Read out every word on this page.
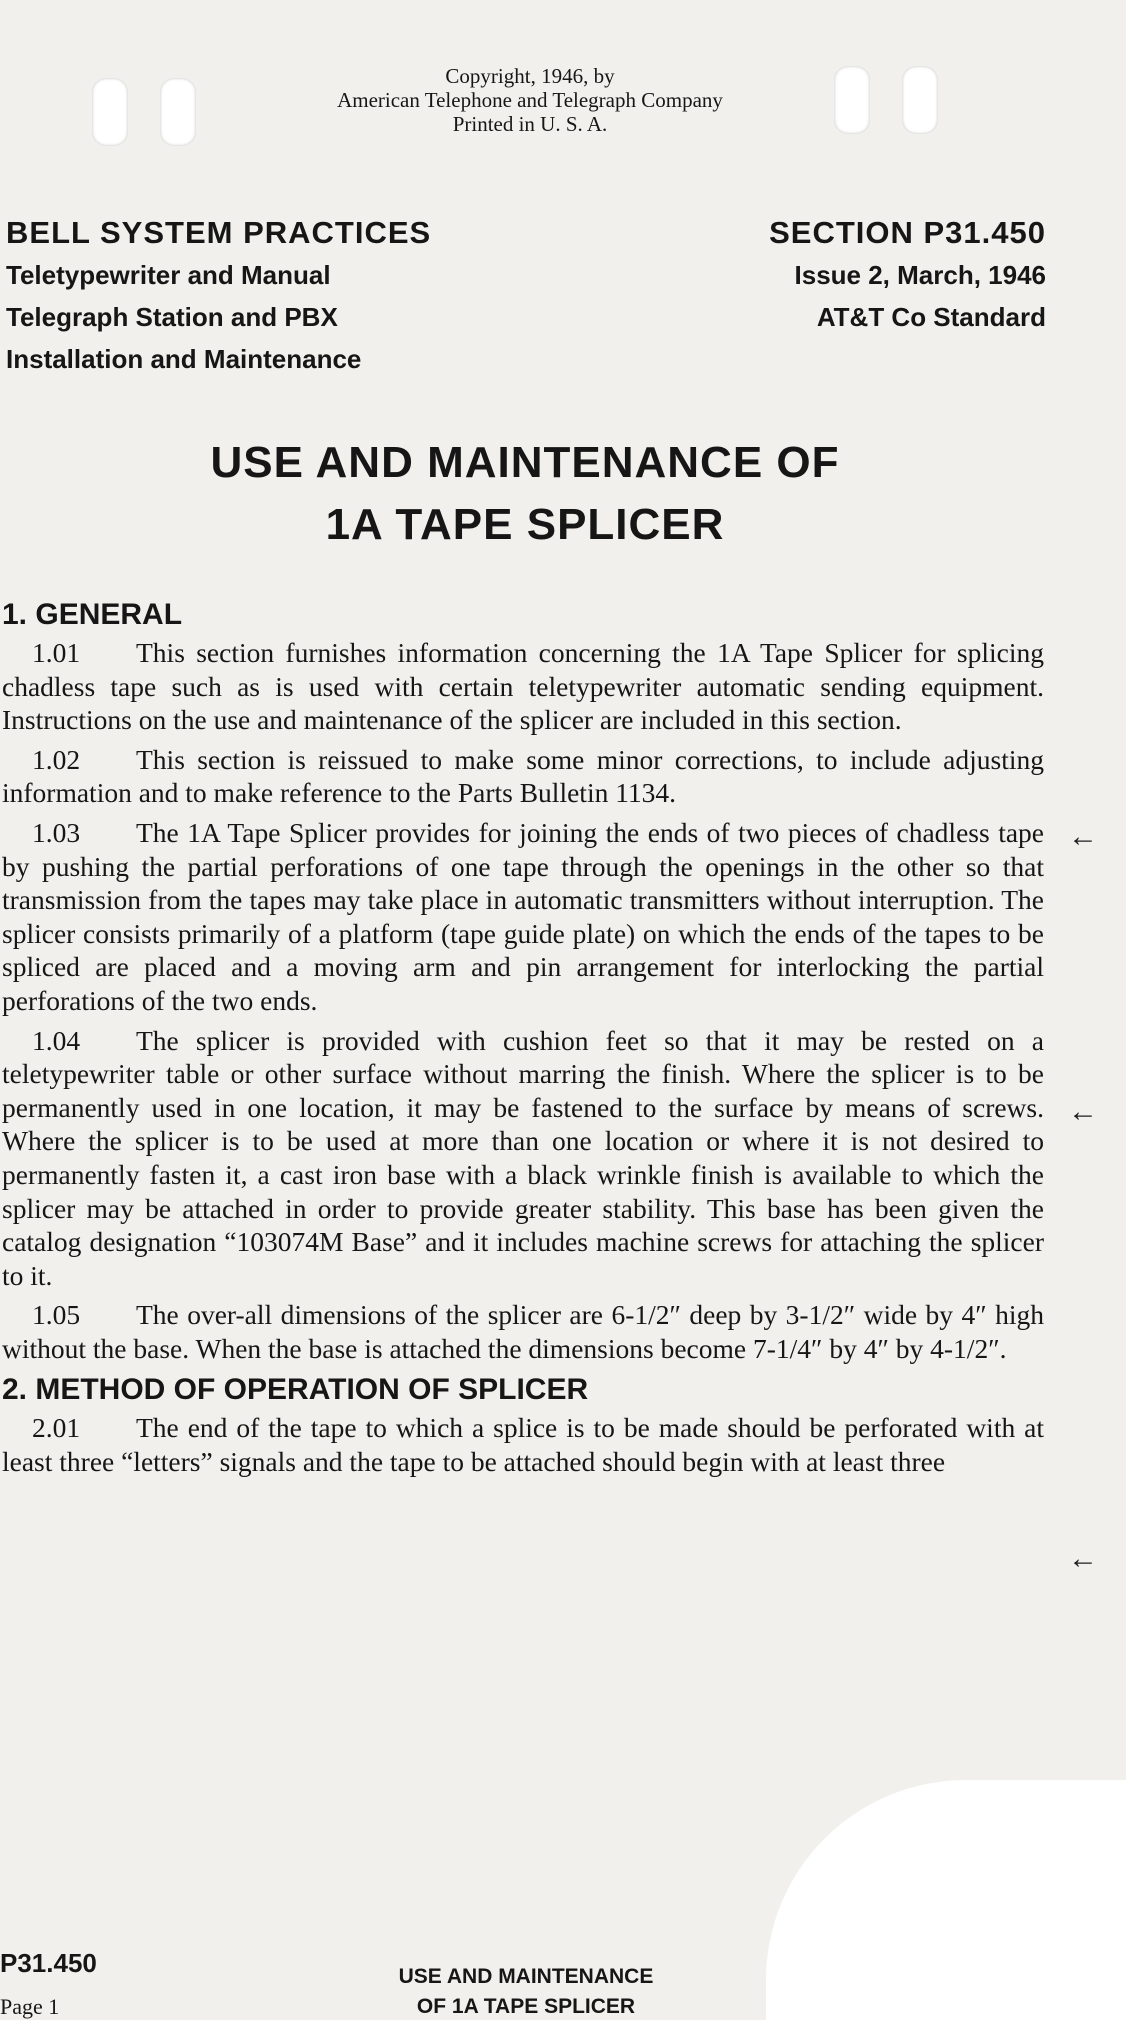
Copyright, 1946, by
American Telephone and Telegraph Company
Printed in U. S. A.
BELL SYSTEM PRACTICES
Teletypewriter and Manual
Telegraph Station and PBX
Installation and Maintenance
SECTION P31.450
Issue 2, March, 1946
AT&T Co Standard
USE AND MAINTENANCE OF
1A TAPE SPLICER
1. GENERAL

1.01 This section furnishes information concerning the 1A Tape Splicer for splicing chadless tape such as is used with certain teletypewriter automatic sending equipment. Instructions on the use and maintenance of the splicer are included in this section.

1.02 This section is reissued to make some minor corrections, to include adjusting information and to make reference to the Parts Bulletin 1134.

1.03 The 1A Tape Splicer provides for joining the ends of two pieces of chadless tape by pushing the partial perforations of one tape through the openings in the other so that transmission from the tapes may take place in automatic transmitters without interruption. The splicer consists primarily of a platform (tape guide plate) on which the ends of the tapes to be spliced are placed and a moving arm and pin arrangement for interlocking the partial perforations of the two ends.

1.04 The splicer is provided with cushion feet so that it may be rested on a teletypewriter table or other surface without marring the finish. Where the splicer is to be permanently used in one location, it may be fastened to the surface by means of screws. Where the splicer is to be used at more than one location or where it is not desired to permanently fasten it, a cast iron base with a black wrinkle finish is available to which the splicer may be attached in order to provide greater stability. This base has been given the catalog designation “103074M Base” and it includes machine screws for attaching the splicer to it.

1.05 The over-all dimensions of the splicer are 6-1/2″ deep by 3-1/2″ wide by 4″ high without the base. When the base is attached the dimensions become 7-1/4″ by 4″ by 4-1/2″.

2. METHOD OF OPERATION OF SPLICER

2.01 The end of the tape to which a splice is to be made should be perforated with at least three “letters” signals and the tape to be attached should begin with at least three

←
←
←
P31.450
Page 1
USE AND MAINTENANCE
OF 1A TAPE SPLICER
